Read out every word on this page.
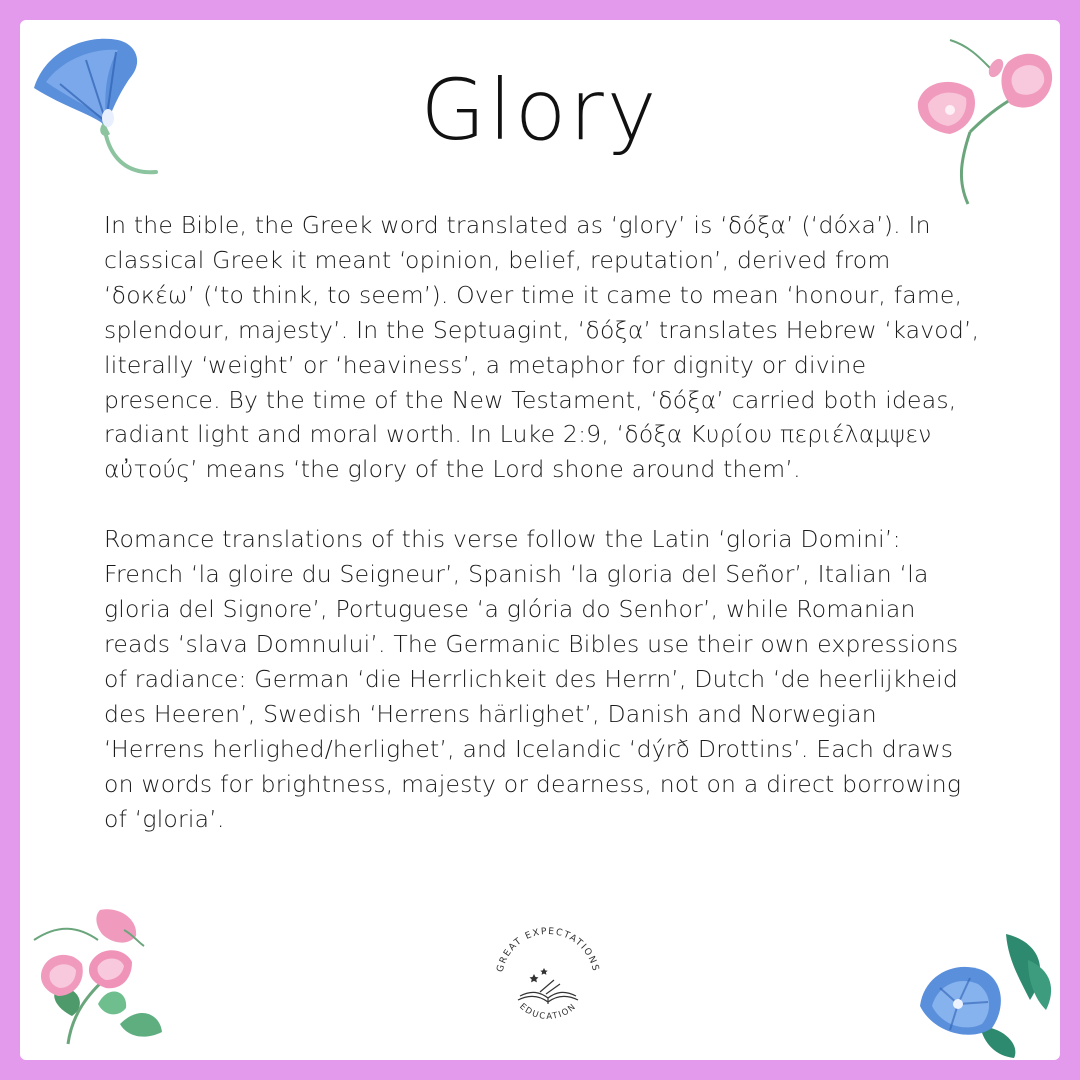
Glory

In the Bible, the Greek word translated as ‘glory’ is ‘δόξα’ (‘dóxa’). In classical Greek it meant ‘opinion, belief, reputation’, derived from ‘δοκέω’ (‘to think, to seem’). Over time it came to mean ‘honour, fame, splendour, majesty’. In the Septuagint, ‘δόξα’ translates Hebrew ‘kavod’, literally ‘weight’ or ‘heaviness’, a metaphor for dignity or divine presence. By the time of the New Testament, ‘δόξα’ carried both ideas, radiant light and moral worth. In Luke 2:9, ‘δόξα Κυρίου περιέλαμψεν αὐτούς’ means ‘the glory of the Lord shone around them’.

Romance translations of this verse follow the Latin ‘gloria Domini’: French ‘la gloire du Seigneur’, Spanish ‘la gloria del Señor’, Italian ‘la gloria del Signore’, Portuguese ‘a glória do Senhor’, while Romanian reads ‘slava Domnului’. The Germanic Bibles use their own expressions of radiance: German ‘die Herrlichkeit des Herrn’, Dutch ‘de heerlijkheid des Heeren’, Swedish ‘Herrens härlighet’, Danish and Norwegian ‘Herrens herlighed/herlighet’, and Icelandic ‘dýrð Drottins’. Each draws on words for brightness, majesty or dearness, not on a direct borrowing of ‘gloria’.

GREAT EXPECTATIONS
EDUCATION
